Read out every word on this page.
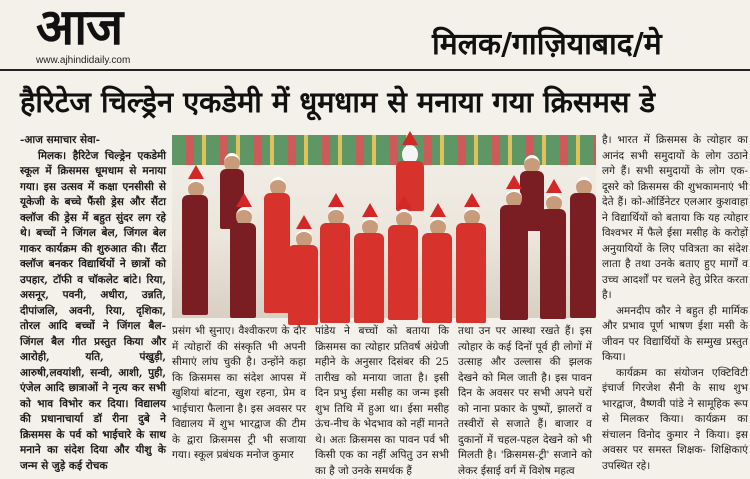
आज
www.ajhindidaily.com	मिलक/गाज़ियाबाद/मे
हैरिटेज चिल्ड्रेन एकडेमी में धूमधाम से मनाया गया क्रिसमस डे

-आज समाचार सेवा-

मिलक। हैरिटेज चिल्ड्रेन एकडेमी स्कूल में क्रिसमस धूमधाम से मनाया गया। इस उत्सव में कक्षा एनसीसी से यूकेजी के बच्चे फैंसी ड्रेस और सैंटा क्लॉज की ड्रेस में बहुत सुंदर लग रहे थे। बच्चों ने जिंगल बेल, जिंगल बेल गाकर कार्यक्रम की शुरुआत की। सैंटा क्लॉज बनकर विद्यार्थियों ने छात्रों को उपहार, टॉफी व चॉकलेट बांटे। रिया, असनूर, पवनी, अधीरा, उन्नति, दीपांजलि, अवनी, रिया, दृशिका, तोरल आदि बच्चों ने जिंगल बैल- जिंगल बैल गीत प्रस्तुत किया और आरोही, यति, पंखुड़ी, आरुषी,लवयांशी, सन्वी, आशी, पुही, एंजेल आदि छात्राओं ने नृत्य कर सभी को भाव विभोर कर दिया। विद्यालय की प्रधानाचार्या डॉ रीना दुबे ने क्रिसमस के पर्व को भाईचारे के साथ मनाने का संदेश दिया और यीशु के जन्म से जुड़े कई रोचक

प्रसंग भी सुनाए। वैश्वीकरण के दौर में त्योहारों की संस्कृति भी अपनी सीमाएं लांघ चुकी है। उन्होंने कहा कि क्रिसमस का संदेश आपस में खुशियां बांटना, खुश रहना, प्रेम व भाईचारा फैलाना है। इस अवसर पर विद्यालय में शुभ भारद्वाज की टीम के द्वारा क्रिसमस ट्री भी सजाया गया। स्कूल प्रबंधक मनोज कुमार

पांडेय ने बच्चों को बताया कि क्रिसमस का त्योहार प्रतिवर्ष अंग्रेजी महीने के अनुसार दिसंबर की 25 तारीख को मनाया जाता है। इसी दिन प्रभु ईसा मसीह का जन्म इसी शुभ तिथि में हुआ था। ईसा मसीह ऊंच-नीच के भेदभाव को नहीं मानते थे। अतः क्रिसमस का पावन पर्व भी किसी एक का नहीं अपितु उन सभी का है जो उनके समर्थक हैं

तथा उन पर आस्था रखते हैं। इस त्योहार के कई दिनों पूर्व ही लोगों में उत्साह और उल्लास की झलक देखने को मिल जाती है। इस पावन दिन के अवसर पर सभी अपने घरों को नाना प्रकार के पुष्पों, झालरों व तस्वीरों से सजाते हैं। बाजार व दुकानों में चहल-पहल देखने को भी मिलती है। 'क्रिसमस-ट्री' सजाने को लेकर ईसाई वर्ग में विशेष महत्व

है। भारत में क्रिसमस के त्योहार का आनंद सभी समुदायों के लोग उठाने लगे हैं। सभी समुदायों के लोग एक-दूसरे को क्रिसमस की शुभकामनाएं भी देते हैं। को-ऑर्डिनेटर एलआर कुशवाहा ने विद्यार्थियों को बताया कि यह त्योहार विश्वभर में फैले ईसा मसीह के करोड़ों अनुयायियों के लिए पवित्रता का संदेश लाता है तथा उनके बताए हुए मार्गों व उच्च आदर्शों पर चलने हेतु प्रेरित करता है।

अमनदीप कौर ने बहुत ही मार्मिक और प्रभाव पूर्ण भाषण ईशा मसी के जीवन पर विद्यार्थियों के सम्मुख प्रस्तुत किया।

कार्यक्रम का संयोजन एक्टिविटी इंचार्ज गिरजेश सैनी के साथ शुभ भारद्वाज, वैष्णवी पांडे ने सामूहिक रूप से मिलकर किया। कार्यक्रम का संचालन विनोद कुमार ने किया। इस अवसर पर समस्त शिक्षक- शिक्षिकाएं उपस्थित रहे।
